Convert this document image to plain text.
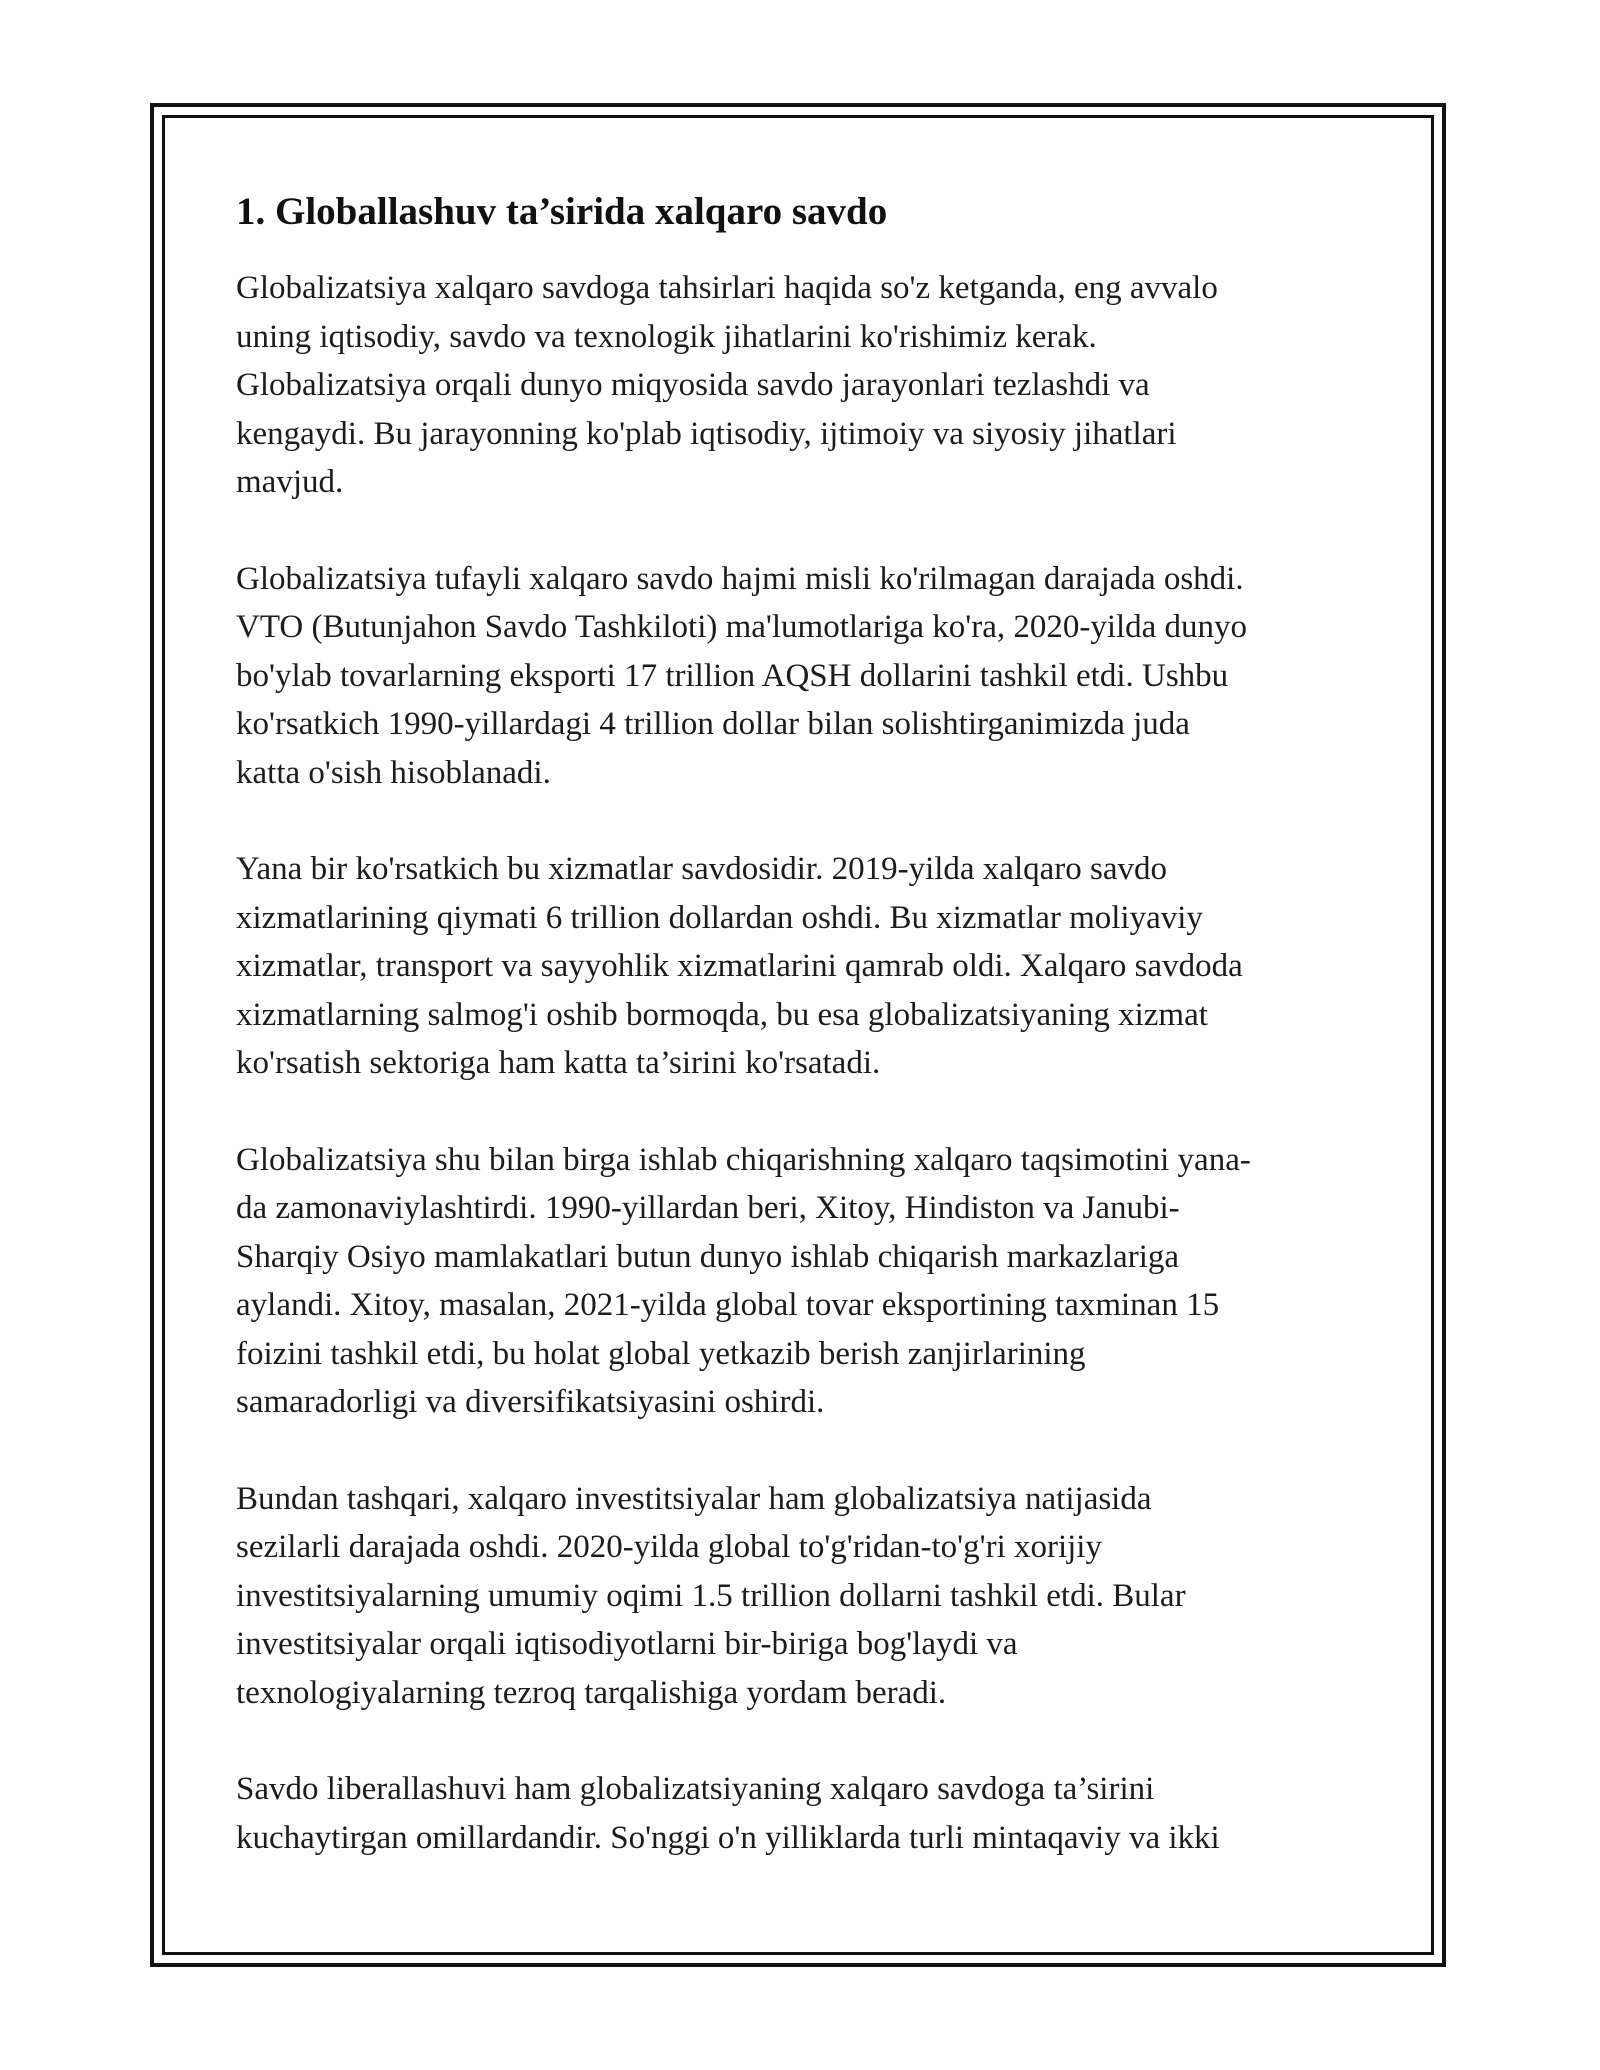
1. Globallashuv ta’sirida xalqaro savdo

Globalizatsiya xalqaro savdoga tahsirlari haqida so'z ketganda, eng avvalo
uning iqtisodiy, savdo va texnologik jihatlarini ko'rishimiz kerak.
Globalizatsiya orqali dunyo miqyosida savdo jarayonlari tezlashdi va
kengaydi. Bu jarayonning ko'plab iqtisodiy, ijtimoiy va siyosiy jihatlari
mavjud.

Globalizatsiya tufayli xalqaro savdo hajmi misli ko'rilmagan darajada oshdi.
VTO (Butunjahon Savdo Tashkiloti) ma'lumotlariga ko'ra, 2020-yilda dunyo
bo'ylab tovarlarning eksporti 17 trillion AQSH dollarini tashkil etdi. Ushbu
ko'rsatkich 1990-yillardagi 4 trillion dollar bilan solishtirganimizda juda
katta o'sish hisoblanadi.

Yana bir ko'rsatkich bu xizmatlar savdosidir. 2019-yilda xalqaro savdo
xizmatlarining qiymati 6 trillion dollardan oshdi. Bu xizmatlar moliyaviy
xizmatlar, transport va sayyohlik xizmatlarini qamrab oldi. Xalqaro savdoda
xizmatlarning salmog'i oshib bormoqda, bu esa globalizatsiyaning xizmat
ko'rsatish sektoriga ham katta ta’sirini ko'rsatadi.

Globalizatsiya shu bilan birga ishlab chiqarishning xalqaro taqsimotini yana-
da zamonaviylashtirdi. 1990-yillardan beri, Xitoy, Hindiston va Janubi-
Sharqiy Osiyo mamlakatlari butun dunyo ishlab chiqarish markazlariga
aylandi. Xitoy, masalan, 2021-yilda global tovar eksportining taxminan 15
foizini tashkil etdi, bu holat global yetkazib berish zanjirlarining
samaradorligi va diversifikatsiyasini oshirdi.

Bundan tashqari, xalqaro investitsiyalar ham globalizatsiya natijasida
sezilarli darajada oshdi. 2020-yilda global to'g'ridan-to'g'ri xorijiy
investitsiyalarning umumiy oqimi 1.5 trillion dollarni tashkil etdi. Bular
investitsiyalar orqali iqtisodiyotlarni bir-biriga bog'laydi va
texnologiyalarning tezroq tarqalishiga yordam beradi.

Savdo liberallashuvi ham globalizatsiyaning xalqaro savdoga ta’sirini
kuchaytirgan omillardandir. So'nggi o'n yilliklarda turli mintaqaviy va ikki
